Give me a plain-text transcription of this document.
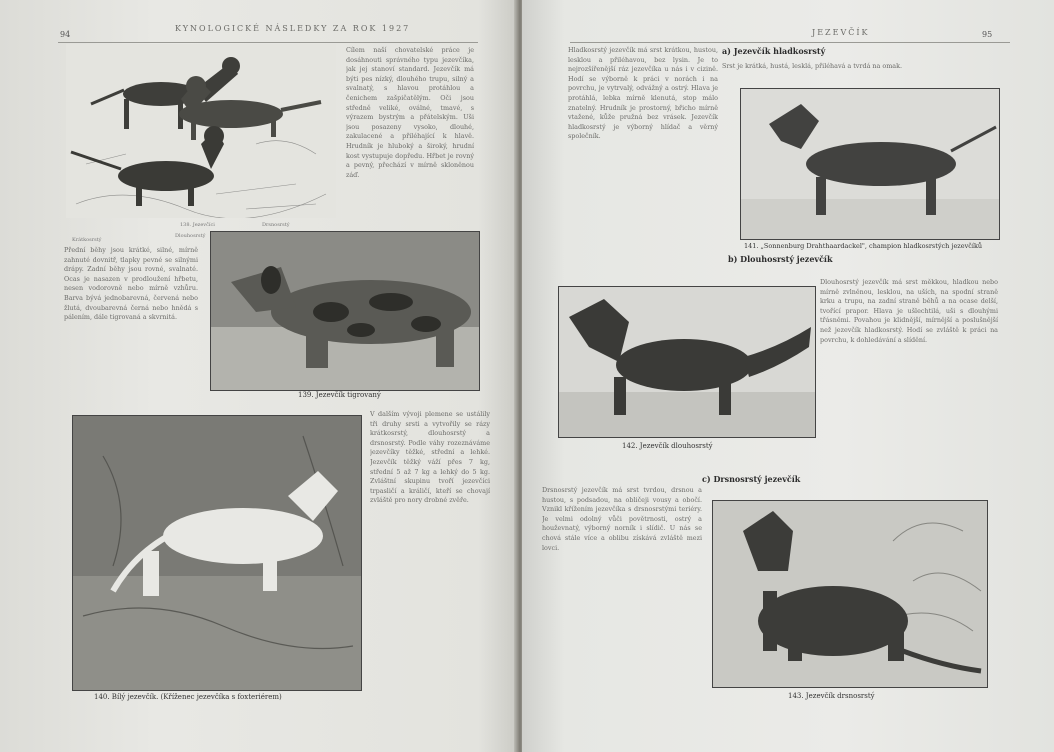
94
KYNOLOGICKÉ NÁSLEDKY ZA ROK 1927
Krátkosrstý
138. Jezevčíci
Dlouhosrstý
Drsnosrstý
Cílem naší chovatelské práce je dosáhnouti správného typu jezevčíka, jak jej stanoví standard. Jezevčík má býti pes nízký, dlouhého trupu, silný a svalnatý, s hlavou protáhlou a čenichem zašpičatělým. Oči jsou středně veliké, oválné, tmavé, s výrazem bystrým a přátelským. Uši jsou posazeny vysoko, dlouhé, zakulacené a přiléhající k hlavě. Hrudník je hluboký a široký, hrudní kost vystupuje dopředu. Hřbet je rovný a pevný, přechází v mírně skloněnou záď.
Přední běhy jsou krátké, silné, mírně zahnuté dovnitř, tlapky pevné se silnými drápy. Zadní běhy jsou rovné, svalnaté. Ocas je nasazen v prodloužení hřbetu, nesen vodorovně nebo mírně vzhůru. Barva bývá jednobarevná, červená nebo žlutá, dvoubarevná černá nebo hnědá s pálením, dále tigrovaná a skvrnitá.
139. Jezevčík tigrovaný
140. Bílý jezevčík. (Kříženec jezevčíka s foxteriérem)
V dalším vývoji plemene se ustálily tři druhy srsti a vytvořily se rázy krátkosrstý, dlouhosrstý a drsnosrstý. Podle váhy rozeznáváme jezevčíky těžké, střední a lehké. Jezevčík těžký váží přes 7 kg, střední 5 až 7 kg a lehký do 5 kg. Zvláštní skupinu tvoří jezevčíci trpasličí a králičí, kteří se chovají zvláště pro nory drobné zvěře.
JEZEVČÍK	95
a) Jezevčík hladkosrstý
Hladkosrstý jezevčík má srst krátkou, hustou, lesklou a přiléhavou, bez lysin. Je to nejrozšířenější ráz jezevčíka u nás i v cizině. Hodí se výborně k práci v norách i na povrchu, je vytrvalý, odvážný a ostrý. Hlava je protáhlá, lebka mírně klenutá, stop málo znatelný. Hrudník je prostorný, břicho mírně vtažené, kůže pružná bez vrásek. Jezevčík hladkosrstý je výborný hlídač a věrný společník.
Srst je krátká, hustá, lesklá, přiléhavá a tvrdá na omak.
141. „Sonnenburg Drahthaardackel", champion hladkosrstých jezevčíků
b) Dlouhosrstý jezevčík
142. Jezevčík dlouhosrstý
Dlouhosrstý jezevčík má srst měkkou, hladkou nebo mírně zvlněnou, lesklou, na uších, na spodní straně krku a trupu, na zadní straně běhů a na ocase delší, tvořící prapor. Hlava je ušlechtilá, uši s dlouhými třásněmi. Povahou je klidnější, mírnější a poslušnější než jezevčík hladkosrstý. Hodí se zvláště k práci na povrchu, k dohledávání a slídění.
c) Drsnosrstý jezevčík
Drsnosrstý jezevčík má srst tvrdou, drsnou a hustou, s podsadou, na obličeji vousy a obočí. Vznikl křížením jezevčíka s drsnosrstými teriéry. Je velmi odolný vůči povětrnosti, ostrý a houževnatý, výborný norník i slídič. U nás se chová stále více a oblibu získává zvláště mezi lovci.
143. Jezevčík drsnosrstý
